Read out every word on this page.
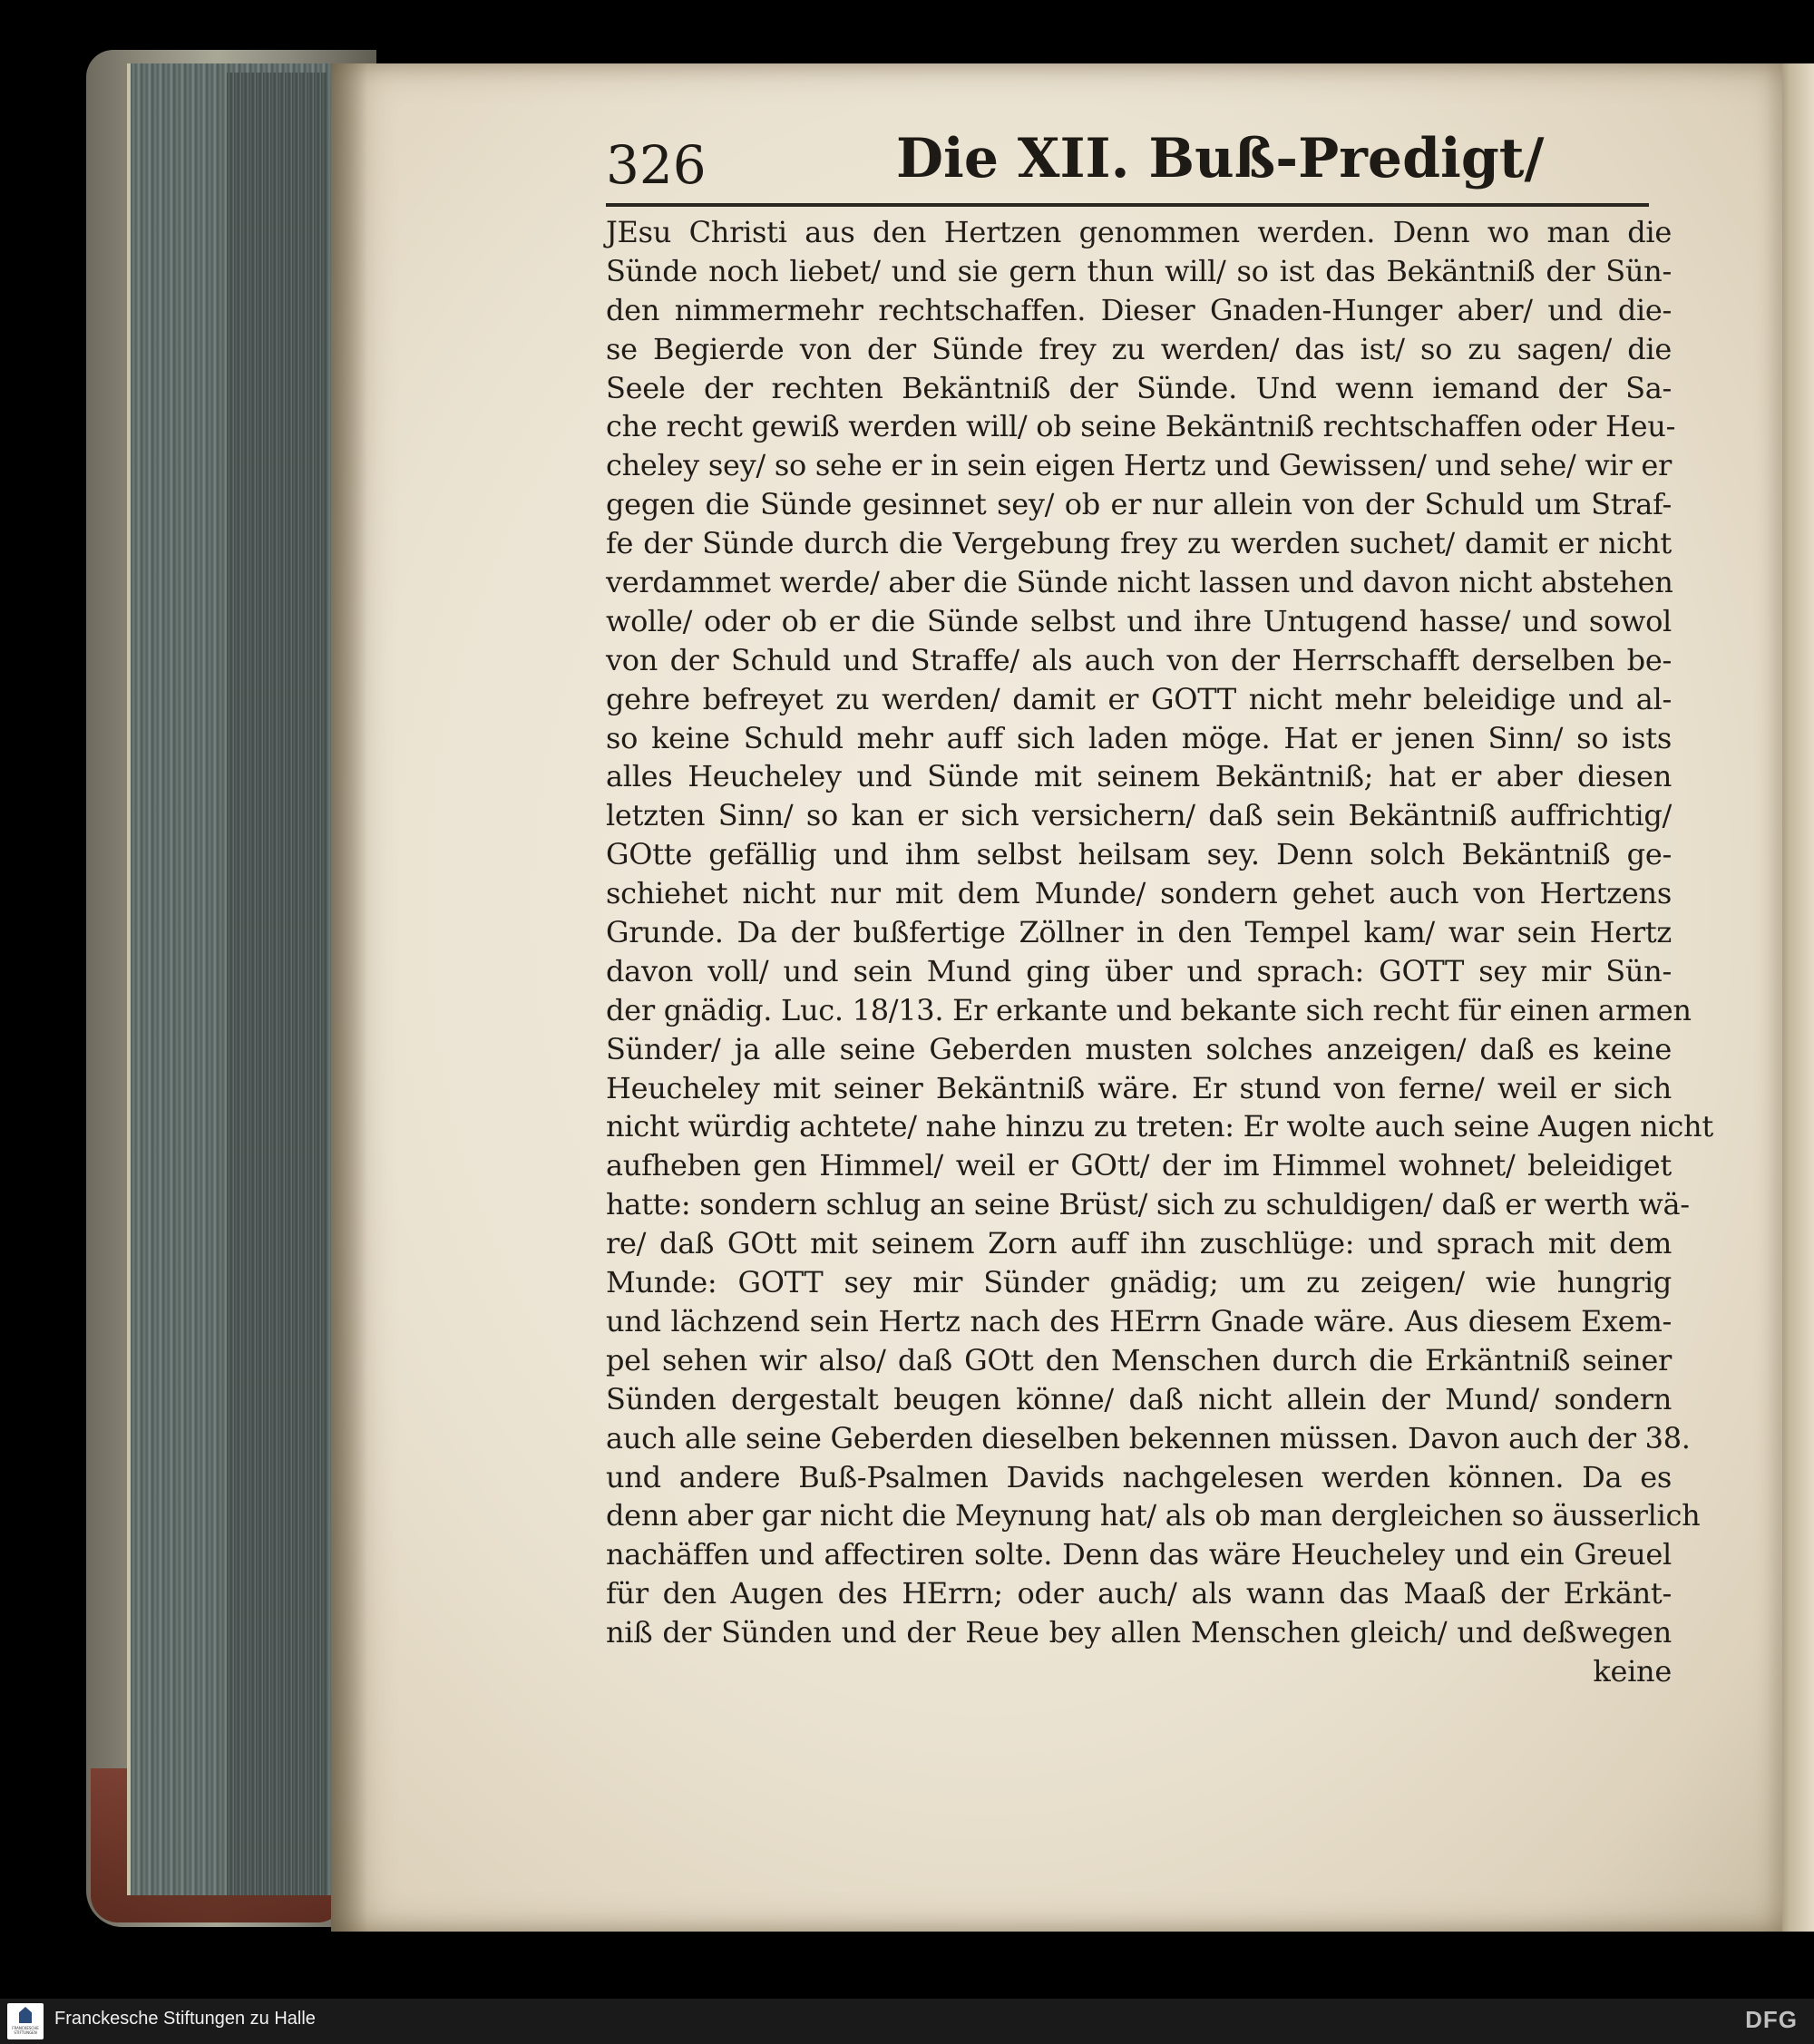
326	Die XII. Buß-Predigt/
JEsu Christi aus den Hertzen genommen werden. Denn wo man die
Sünde noch liebet/ und sie gern thun will/ so ist das Bekäntniß der Sün-
den nimmermehr rechtschaffen. Dieser Gnaden-Hunger aber/ und die-
se Begierde von der Sünde frey zu werden/ das ist/ so zu sagen/ die
Seele der rechten Bekäntniß der Sünde. Und wenn iemand der Sa-
che recht gewiß werden will/ ob seine Bekäntniß rechtschaffen oder Heu-
cheley sey/ so sehe er in sein eigen Hertz und Gewissen/ und sehe/ wir er
gegen die Sünde gesinnet sey/ ob er nur allein von der Schuld um Straf-
fe der Sünde durch die Vergebung frey zu werden suchet/ damit er nicht
verdammet werde/ aber die Sünde nicht lassen und davon nicht abstehen
wolle/ oder ob er die Sünde selbst und ihre Untugend hasse/ und sowol
von der Schuld und Straffe/ als auch von der Herrschafft derselben be-
gehre befreyet zu werden/ damit er GOTT nicht mehr beleidige und al-
so keine Schuld mehr auff sich laden möge. Hat er jenen Sinn/ so ists
alles Heucheley und Sünde mit seinem Bekäntniß; hat er aber diesen
letzten Sinn/ so kan er sich versichern/ daß sein Bekäntniß auffrichtig/
GOtte gefällig und ihm selbst heilsam sey. Denn solch Bekäntniß ge-
schiehet nicht nur mit dem Munde/ sondern gehet auch von Hertzens
Grunde. Da der bußfertige Zöllner in den Tempel kam/ war sein Hertz
davon voll/ und sein Mund ging über und sprach: GOTT sey mir Sün-
der gnädig. Luc. 18/13. Er erkante und bekante sich recht für einen armen
Sünder/ ja alle seine Geberden musten solches anzeigen/ daß es keine
Heucheley mit seiner Bekäntniß wäre. Er stund von ferne/ weil er sich
nicht würdig achtete/ nahe hinzu zu treten: Er wolte auch seine Augen nicht
aufheben gen Himmel/ weil er GOtt/ der im Himmel wohnet/ beleidiget
hatte: sondern schlug an seine Brüst/ sich zu schuldigen/ daß er werth wä-
re/ daß GOtt mit seinem Zorn auff ihn zuschlüge: und sprach mit dem
Munde: GOTT sey mir Sünder gnädig; um zu zeigen/ wie hungrig
und lächzend sein Hertz nach des HErrn Gnade wäre. Aus diesem Exem-
pel sehen wir also/ daß GOtt den Menschen durch die Erkäntniß seiner
Sünden dergestalt beugen könne/ daß nicht allein der Mund/ sondern
auch alle seine Geberden dieselben bekennen müssen. Davon auch der 38.
und andere Buß-Psalmen Davids nachgelesen werden können. Da es
denn aber gar nicht die Meynung hat/ als ob man dergleichen so äusserlich
nachäffen und affectiren solte. Denn das wäre Heucheley und ein Greuel
für den Augen des HErrn; oder auch/ als wann das Maaß der Erkänt-
niß der Sünden und der Reue bey allen Menschen gleich/ und deßwegen
keine
FRANCKESCHE STIFTUNGEN
Franckesche Stiftungen zu Halle	DFG
